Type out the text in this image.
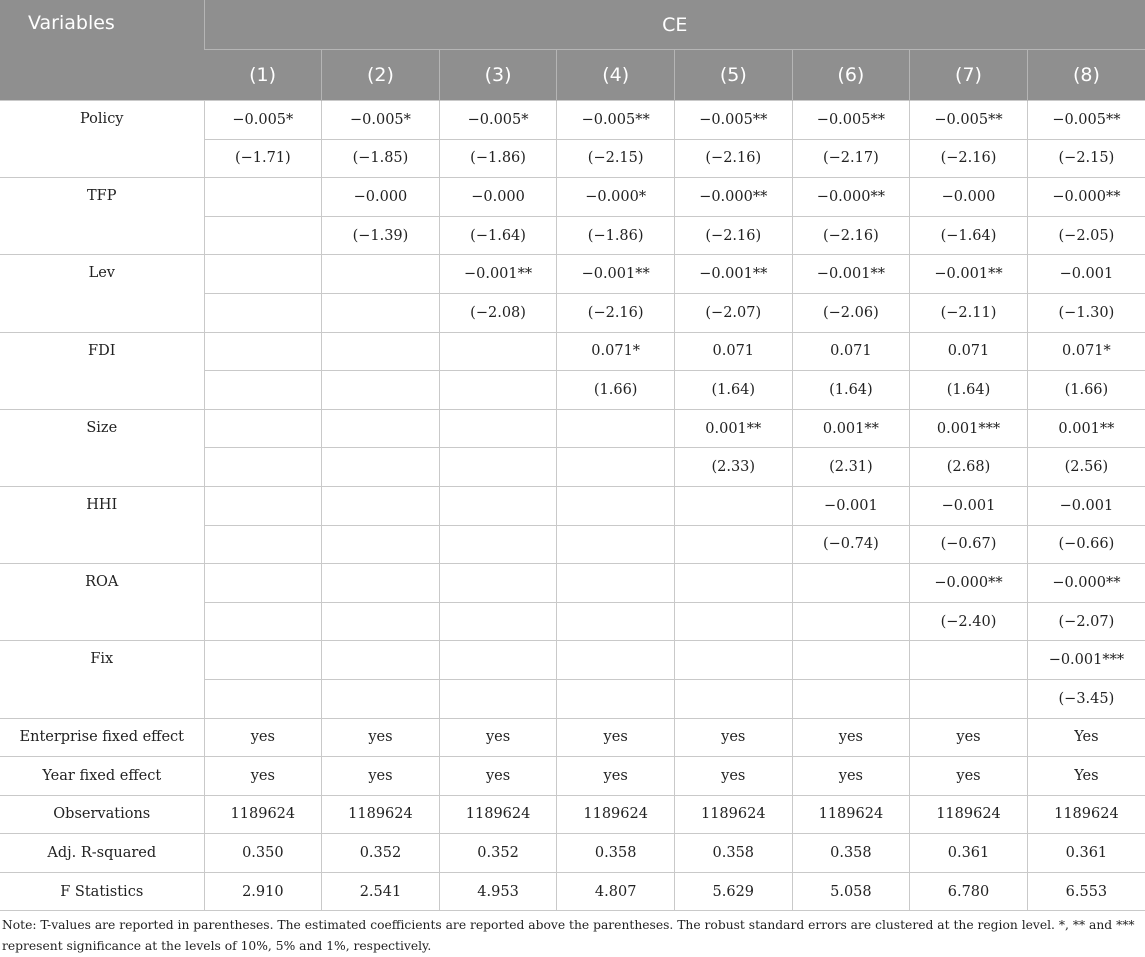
Variables	CE							
	(1)	(2)	(3)	(4)	(5)	(6)	(7)	(8)
Policy	−0.005*	−0.005*	−0.005*	−0.005**	−0.005**	−0.005**	−0.005**	−0.005**
	(−1.71)	(−1.85)	(−1.86)	(−2.15)	(−2.16)	(−2.17)	(−2.16)	(−2.15)
TFP		−0.000	−0.000	−0.000*	−0.000**	−0.000**	−0.000	−0.000**
		(−1.39)	(−1.64)	(−1.86)	(−2.16)	(−2.16)	(−1.64)	(−2.05)
Lev			−0.001**	−0.001**	−0.001**	−0.001**	−0.001**	−0.001
			(−2.08)	(−2.16)	(−2.07)	(−2.06)	(−2.11)	(−1.30)
FDI				0.071*	0.071	0.071	0.071	0.071*
				(1.66)	(1.64)	(1.64)	(1.64)	(1.66)
Size					0.001**	0.001**	0.001***	0.001**
					(2.33)	(2.31)	(2.68)	(2.56)
HHI						−0.001	−0.001	−0.001
						(−0.74)	(−0.67)	(−0.66)
ROA							−0.000**	−0.000**
							(−2.40)	(−2.07)
Fix								−0.001***
								(−3.45)
Enterprise fixed effect	yes	yes	yes	yes	yes	yes	yes	Yes
Year fixed effect	yes	yes	yes	yes	yes	yes	yes	Yes
Observations	1189624	1189624	1189624	1189624	1189624	1189624	1189624	1189624
Adj. R-squared	0.350	0.352	0.352	0.358	0.358	0.358	0.361	0.361
F Statistics	2.910	2.541	4.953	4.807	5.629	5.058	6.780	6.553
Note: T-values are reported in parentheses. The estimated coefficients are reported above the parentheses. The robust standard errors are clustered at the region level. *, ** and *** represent significance at the levels of 10%, 5% and 1%, respectively.
